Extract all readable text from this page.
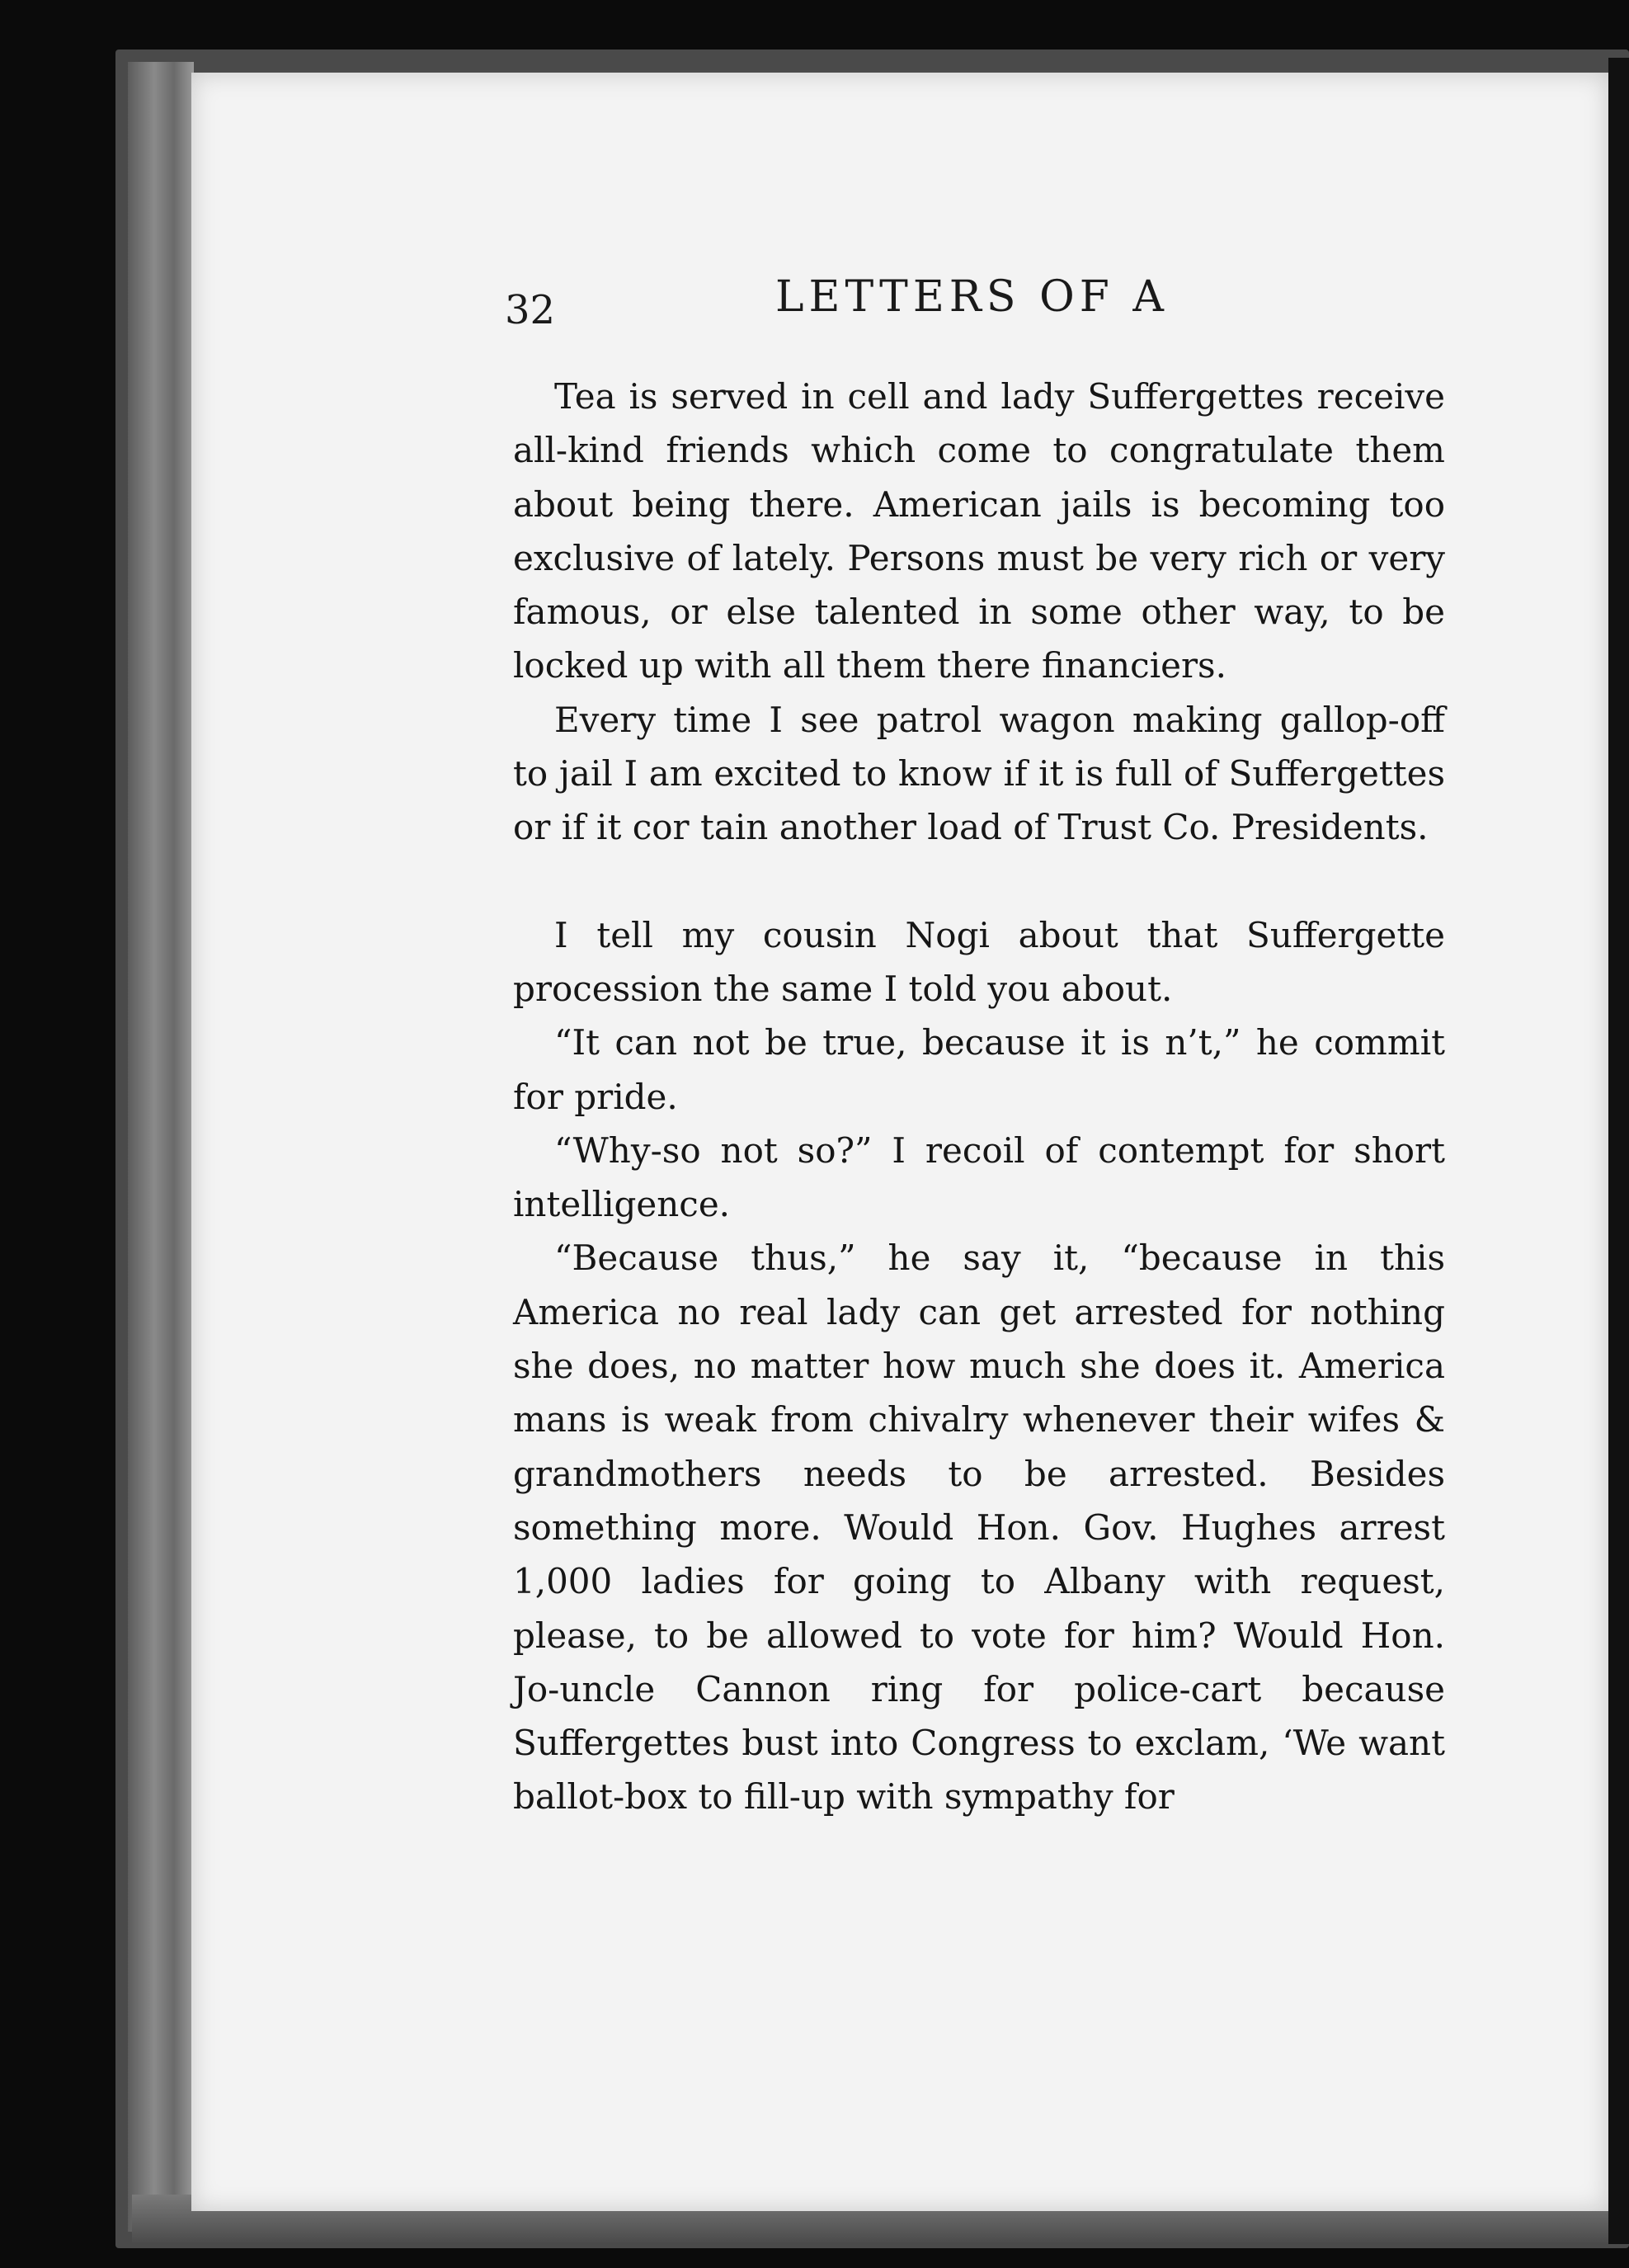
32	LETTERS OF A

Tea is served in cell and lady Suffergettes receive all-kind friends which come to congratulate them about being there. American jails is becoming too exclusive of lately. Persons must be very rich or very famous, or else talented in some other way, to be locked up with all them there financiers.

Every time I see patrol wagon making gallop-off to jail I am excited to know if it is full of Suffergettes or if it cor tain another load of Trust Co. Presidents.

I tell my cousin Nogi about that Suffergette procession the same I told you about.

“It can not be true, because it is n’t,” he commit for pride.

“Why-so not so?” I recoil of contempt for short intelligence.

“Because thus,” he say it, “because in this America no real lady can get arrested for nothing she does, no matter how much she does it. America mans is weak from chivalry whenever their wifes & grandmothers needs to be arrested. Besides something more. Would Hon. Gov. Hughes arrest 1,000 ladies for going to Albany with request, please, to be allowed to vote for him? Would Hon. Jo-uncle Cannon ring for police-cart because Suffergettes bust into Congress to exclam, ‘We want ballot-box to fill-up with sympathy for
